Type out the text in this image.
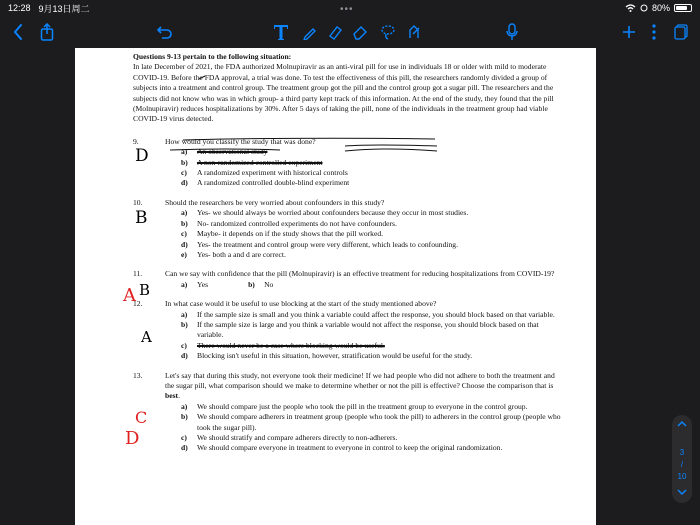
12:28 9月13日周二	80%
•••

Questions 9-13 pertain to the following situation:

In late December of 2021, the FDA authorized Molnupiravir as an anti-viral pill for use in individuals 18 or older with mild to moderate COVID-19. Before the FDA approval, a trial was done. To test the effectiveness of this pill, the researchers randomly divided a group of subjects into a treatment and control group. The treatment group got the pill and the control group got a sugar pill. The researchers and the subjects did not know who was in which group- a third party kept track of this information. At the end of the study, they found that the pill (Molnupiravir) reduces hospitalizations by 30%. After 5 days of taking the pill, none of the individuals in the treatment group had viable COVID-19 virus detected.

9.	How would you classify the study that was done?
a)	An observational study
b)	A non-randomized controlled experiment
c)	A randomized experiment with historical controls
d)	A randomized controlled double-blind experiment
10.	Should the researchers be very worried about confounders in this study?
a)	Yes- we should always be worried about confounders because they occur in most studies.
b)	No- randomized controlled experiments do not have confounders.
c)	Maybe- it depends on if the study shows that the pill worked.
d)	Yes- the treatment and control group were very different, which leads to confounding.
e)	Yes- both a and d are correct.
11.	Can we say with confidence that the pill (Molnupiravir) is an effective treatment for reducing hospitalizations from COVID-19?
a)	Yes	b)	No
12.	In what case would it be useful to use blocking at the start of the study mentioned above?
a)	If the sample size is small and you think a variable could affect the response, you should block based on that variable.
b)	If the sample size is large and you think a variable would not affect the response, you should block based on that variable.
c)	There would never be a case where blocking would be useful.
d)	Blocking isn't useful in this situation, however, stratification would be useful for the study.
13.	Let's say that during this study, not everyone took their medicine! If we had people who did not adhere to both the treatment and the sugar pill, what comparison should we make to determine whether or not the pill is effective? Choose the comparison that is best.
a)	We should compare just the people who took the pill in the treatment group to everyone in the control group.
b)	We should compare adherers in treatment group (people who took the pill) to adherers in the control group (people who took the sugar pill).
c)	We should stratify and compare adherers directly to non-adherers.
d)	We should compare everyone in treatment to everyone in control to keep the original randomization.
D
B
A B
A
C
D
3
/
10
